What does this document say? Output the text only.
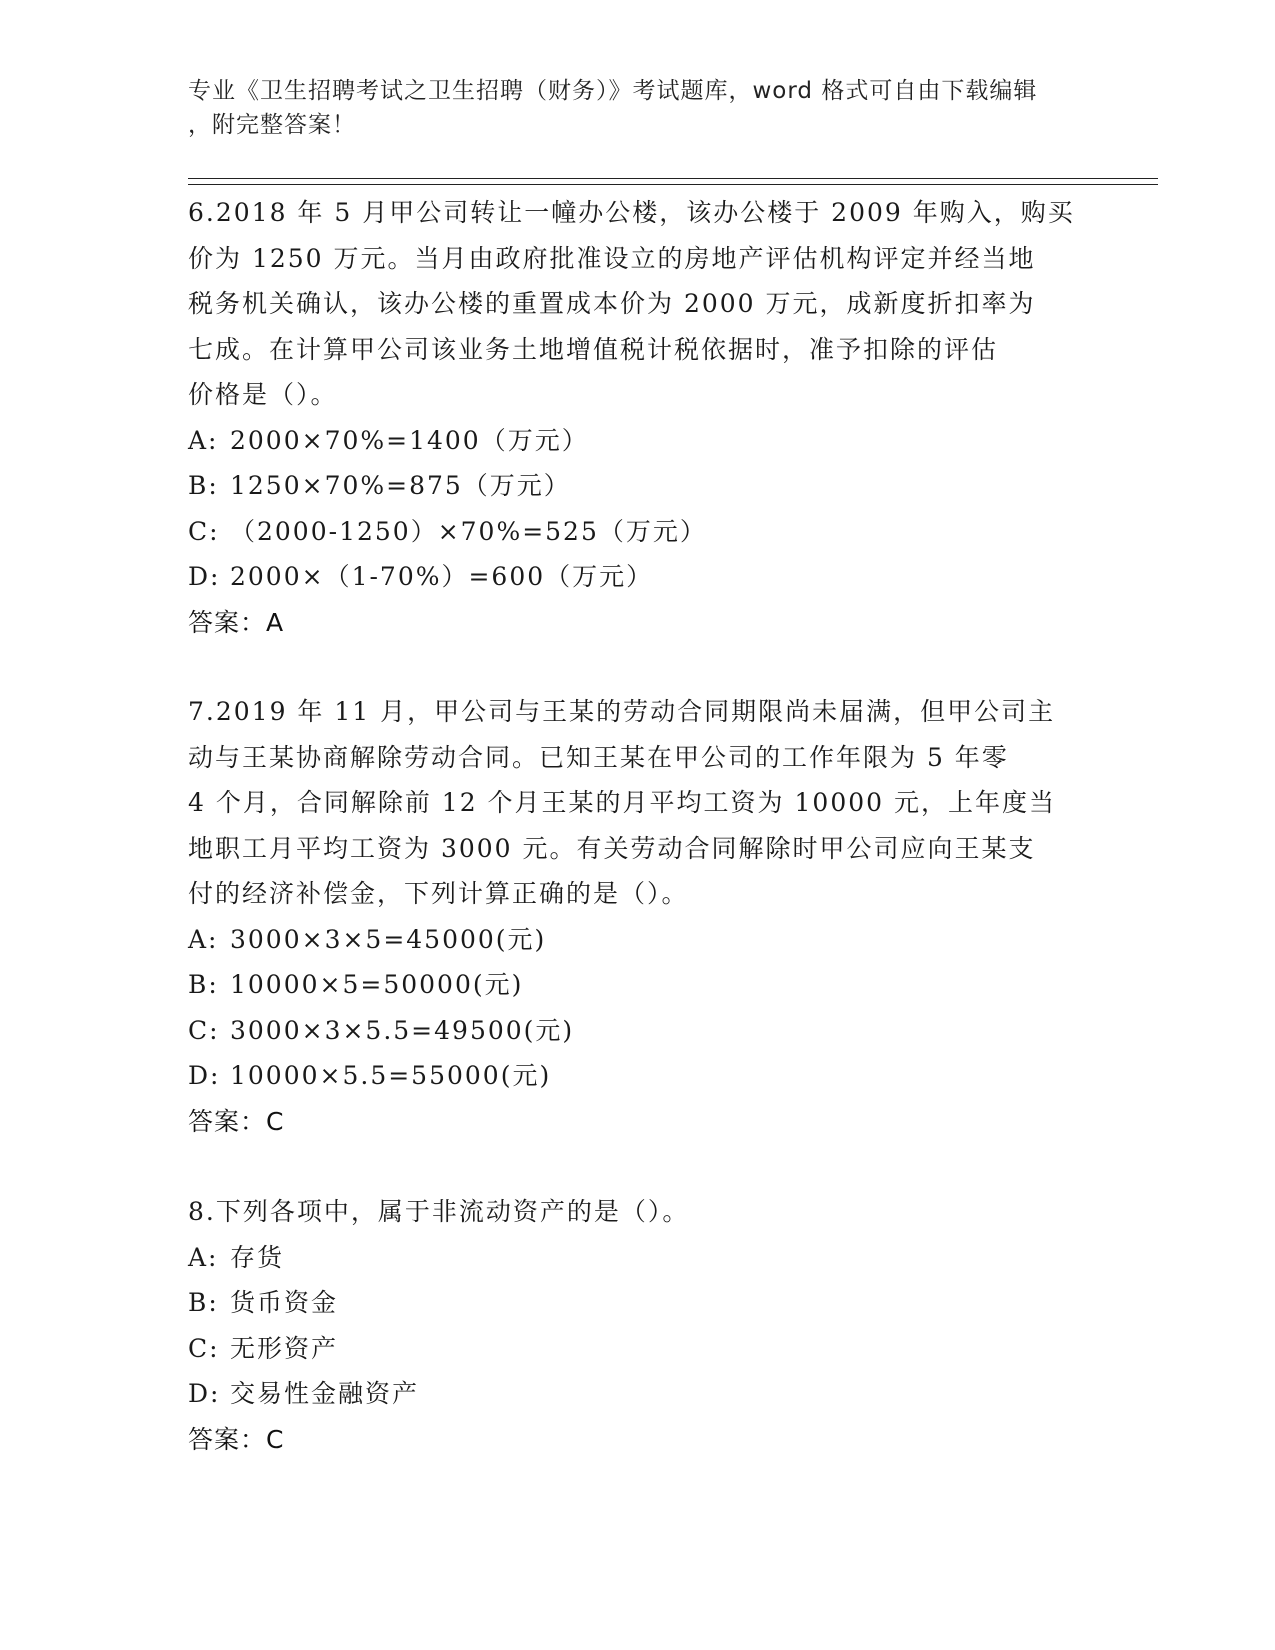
专业《卫生招聘考试之卫生招聘（财务）》考试题库，word 格式可自由下载编辑
，附完整答案！
6.2018 年 5 月甲公司转让一幢办公楼，该办公楼于 2009 年购入，购买
价为 1250 万元。当月由政府批准设立的房地产评估机构评定并经当地
税务机关确认，该办公楼的重置成本价为 2000 万元，成新度折扣率为
七成。在计算甲公司该业务土地增值税计税依据时，准予扣除的评估
价格是（）。
A: 2000×70%=1400（万元）
B: 1250×70%=875（万元）
C: （2000-1250）×70%=525（万元）
D: 2000×（1-70%）=600（万元）
答案：A
7.2019 年 11 月，甲公司与王某的劳动合同期限尚未届满，但甲公司主
动与王某协商解除劳动合同。已知王某在甲公司的工作年限为 5 年零
4 个月，合同解除前 12 个月王某的月平均工资为 10000 元，上年度当
地职工月平均工资为 3000 元。有关劳动合同解除时甲公司应向王某支
付的经济补偿金，下列计算正确的是（）。
A: 3000×3×5=45000(元)
B: 10000×5=50000(元)
C: 3000×3×5.5=49500(元)
D: 10000×5.5=55000(元)
答案：C
8.下列各项中，属于非流动资产的是（）。
A: 存货
B: 货币资金
C: 无形资产
D: 交易性金融资产
答案：C
